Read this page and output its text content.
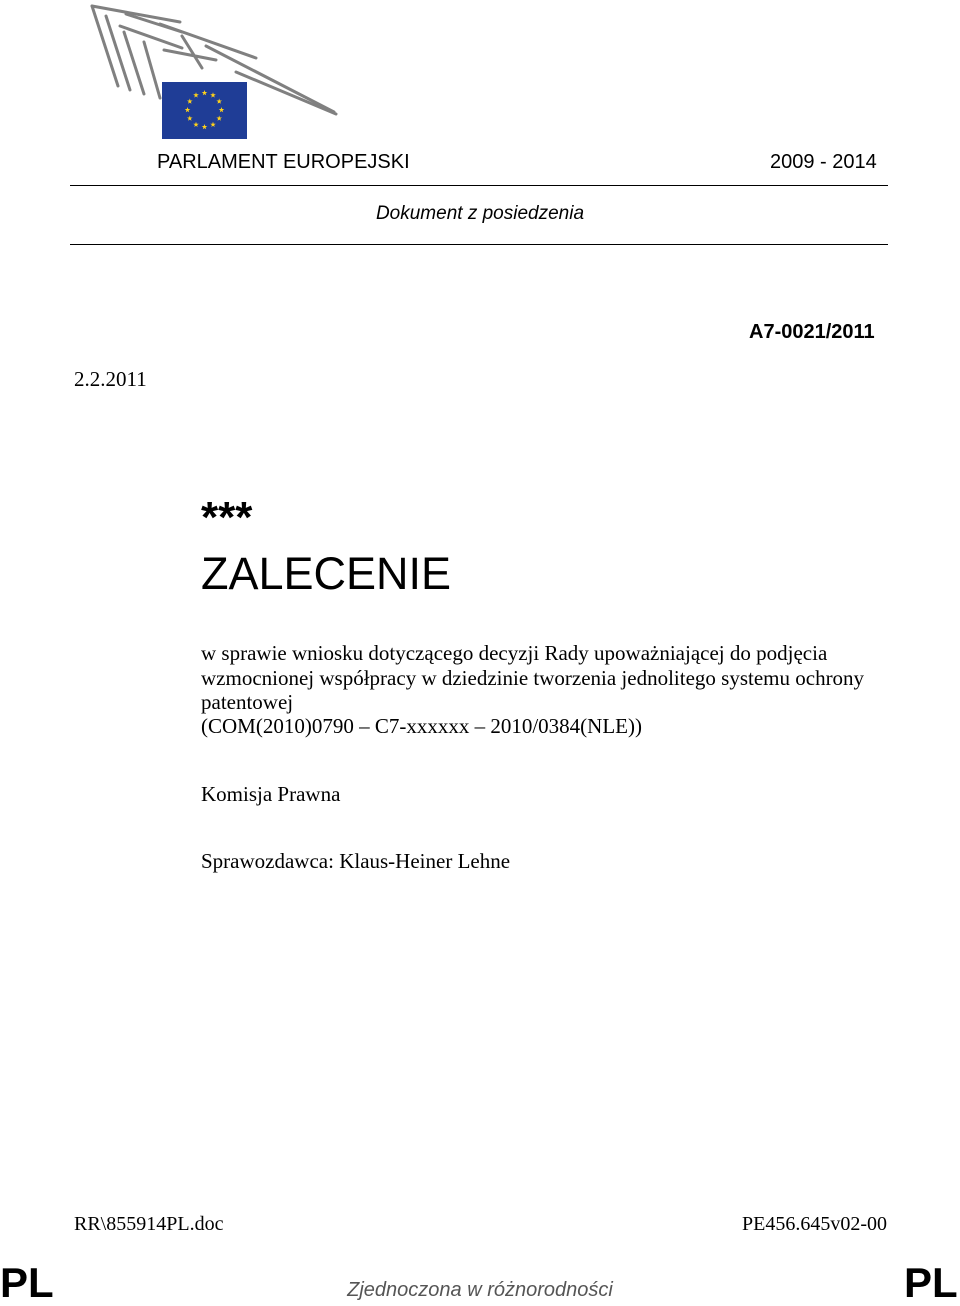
PARLAMENT EUROPEJSKI	2009 - 2014
Dokument z posiedzenia
A7-0021/2011
2.2.2011
***
ZALECENIE
w sprawie wniosku dotyczącego decyzji Rady upoważniającej do podjęcia wzmocnionej współpracy w dziedzinie tworzenia jednolitego systemu ochrony patentowej
(COM(2010)0790 – C7-xxxxxx – 2010/0384(NLE))
Komisja Prawna
Sprawozdawca: Klaus-Heiner Lehne
RR\855914PL.doc	PE456.645v02-00
PL	PL
Zjednoczona w różnorodności
